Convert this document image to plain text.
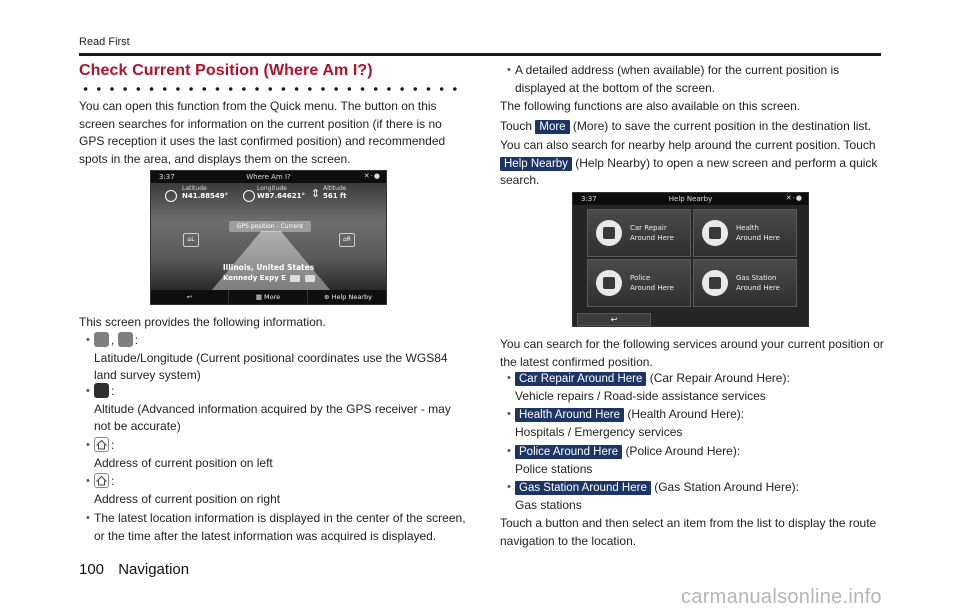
Read First
Check Current Position (Where Am I?)
You can open this function from the Quick menu. The button on this screen searches for information on the current position (if there is no GPS reception it uses the last confirmed position) and recommended spots in the area, and displays them on the screen.
3:37	Where Am I?	✕·●
Latitude
N41.88549°
Longitude
W87.64621° ⇕ Altitude
561 ft
GPS position - Current
⌂L	⌂R
Illinois, United States
Kennedy Expy E
↩	▦ More	⊕ Help Nearby
This screen provides the following information.
•	, :
Latitude/Longitude (Current positional coordinates use the WGS84 land survey system)
•	:
Altitude (Advanced information acquired by the GPS receiver - may not be accurate)
•	:
Address of current position on left
•	:
Address of current position on right
• The latest location information is displayed in the center of the screen, or the time after the latest information was acquired is displayed.
• A detailed address (when available) for the current position is displayed at the bottom of the screen.
The following functions are also available on this screen.
Touch More (More) to save the current position in the destination list.
You can also search for nearby help around the current position. Touch Help Nearby (Help Nearby) to open a new screen and perform a quick search.
3:37	Help Nearby	✕·●
Car Repair
Around Here
Health
Around Here
Police
Around Here
Gas Station
Around Here
↩
You can search for the following services around your current position or the latest confirmed position.
• Car Repair Around Here (Car Repair Around Here):
Vehicle repairs / Road-side assistance services
• Health Around Here (Health Around Here):
Hospitals / Emergency services
• Police Around Here (Police Around Here):
Police stations
• Gas Station Around Here (Gas Station Around Here):
Gas stations
Touch a button and then select an item from the list to display the route navigation to the location.
100 Navigation
carmanualsonline.info
